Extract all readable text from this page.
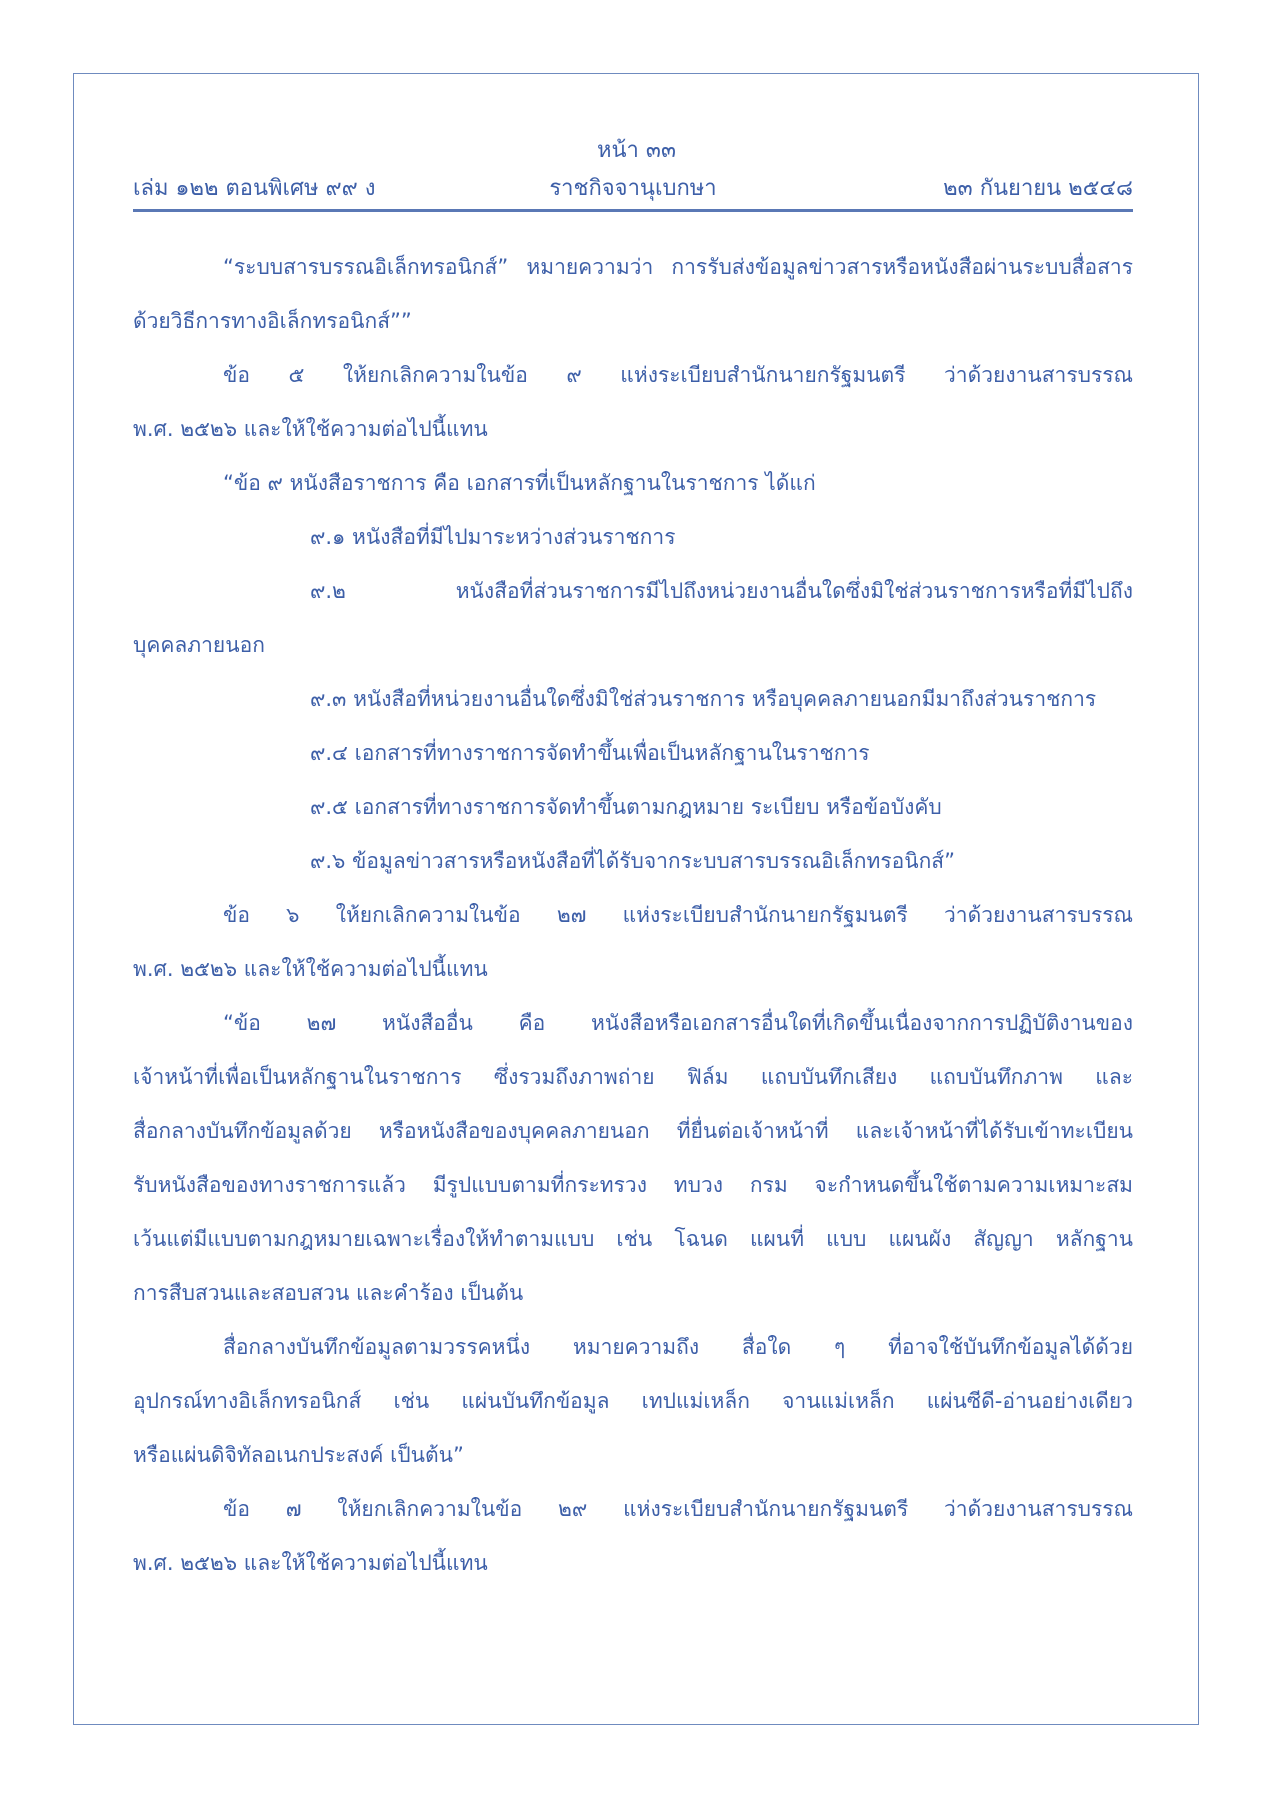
หน้า ๓๓
ราชกิจจานุเบกษา
เล่ม ๑๒๒ ตอนพิเศษ ๙๙ ง	๒๓ กันยายน ๒๕๔๘
“ระบบสารบรรณอิเล็กทรอนิกส์” หมายความว่า การรับส่งข้อมูลข่าวสารหรือหนังสือผ่านระบบสื่อสาร
ด้วยวิธีการทางอิเล็กทรอนิกส์””
ข้อ ๕ ให้ยกเลิกความในข้อ ๙ แห่งระเบียบสำนักนายกรัฐมนตรี ว่าด้วยงานสารบรรณ
พ.ศ. ๒๕๒๖ และให้ใช้ความต่อไปนี้แทน
“ข้อ ๙ หนังสือราชการ คือ เอกสารที่เป็นหลักฐานในราชการ ได้แก่
๙.๑ หนังสือที่มีไปมาระหว่างส่วนราชการ
๙.๒ หนังสือที่ส่วนราชการมีไปถึงหน่วยงานอื่นใดซึ่งมิใช่ส่วนราชการหรือที่มีไปถึง
บุคคลภายนอก
๙.๓ หนังสือที่หน่วยงานอื่นใดซึ่งมิใช่ส่วนราชการ หรือบุคคลภายนอกมีมาถึงส่วนราชการ
๙.๔ เอกสารที่ทางราชการจัดทำขึ้นเพื่อเป็นหลักฐานในราชการ
๙.๕ เอกสารที่ทางราชการจัดทำขึ้นตามกฎหมาย ระเบียบ หรือข้อบังคับ
๙.๖ ข้อมูลข่าวสารหรือหนังสือที่ได้รับจากระบบสารบรรณอิเล็กทรอนิกส์”
ข้อ ๖ ให้ยกเลิกความในข้อ ๒๗ แห่งระเบียบสำนักนายกรัฐมนตรี ว่าด้วยงานสารบรรณ
พ.ศ. ๒๕๒๖ และให้ใช้ความต่อไปนี้แทน
“ข้อ ๒๗ หนังสืออื่น คือ หนังสือหรือเอกสารอื่นใดที่เกิดขึ้นเนื่องจากการปฏิบัติงานของ
เจ้าหน้าที่เพื่อเป็นหลักฐานในราชการ ซึ่งรวมถึงภาพถ่าย ฟิล์ม แถบบันทึกเสียง แถบบันทึกภาพ และ
สื่อกลางบันทึกข้อมูลด้วย หรือหนังสือของบุคคลภายนอก ที่ยื่นต่อเจ้าหน้าที่ และเจ้าหน้าที่ได้รับเข้าทะเบียน
รับหนังสือของทางราชการแล้ว มีรูปแบบตามที่กระทรวง ทบวง กรม จะกำหนดขึ้นใช้ตามความเหมาะสม
เว้นแต่มีแบบตามกฎหมายเฉพาะเรื่องให้ทำตามแบบ เช่น โฉนด แผนที่ แบบ แผนผัง สัญญา หลักฐาน
การสืบสวนและสอบสวน และคำร้อง เป็นต้น
สื่อกลางบันทึกข้อมูลตามวรรคหนึ่ง หมายความถึง สื่อใด ๆ ที่อาจใช้บันทึกข้อมูลได้ด้วย
อุปกรณ์ทางอิเล็กทรอนิกส์ เช่น แผ่นบันทึกข้อมูล เทปแม่เหล็ก จานแม่เหล็ก แผ่นซีดี-อ่านอย่างเดียว
หรือแผ่นดิจิทัลอเนกประสงค์ เป็นต้น”
ข้อ ๗ ให้ยกเลิกความในข้อ ๒๙ แห่งระเบียบสำนักนายกรัฐมนตรี ว่าด้วยงานสารบรรณ
พ.ศ. ๒๕๒๖ และให้ใช้ความต่อไปนี้แทน
